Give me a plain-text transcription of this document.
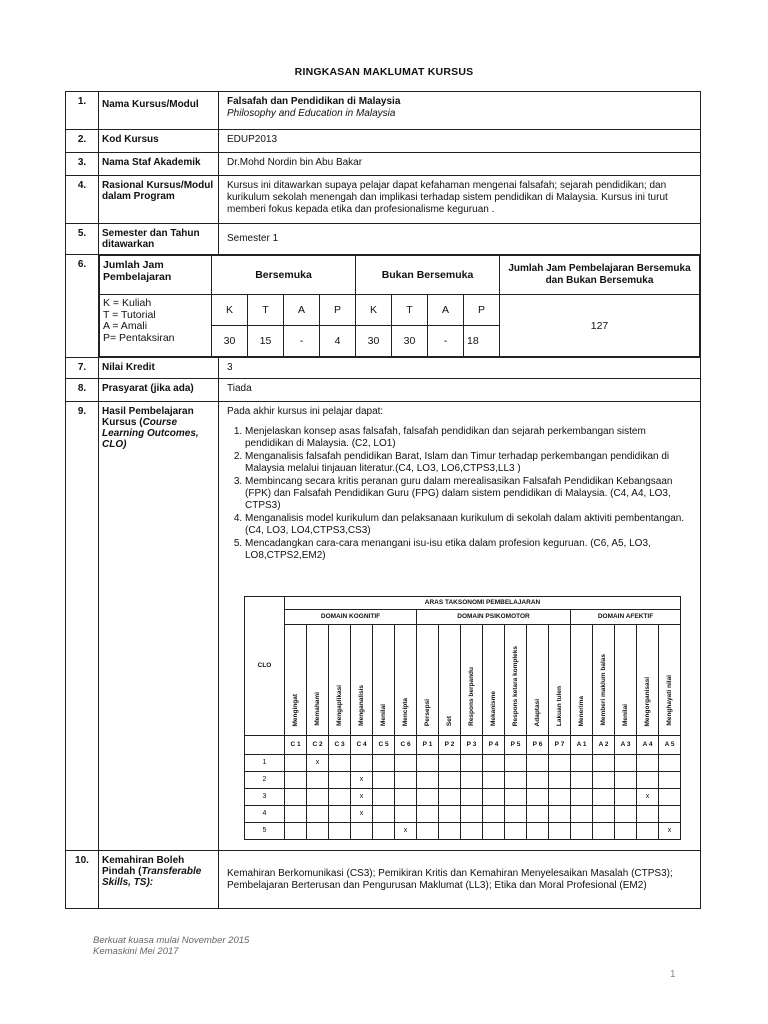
RINGKASAN MAKLUMAT KURSUS
1.	Nama Kursus/Modul	Falsafah dan Pendidikan di Malaysia
Philosophy and Education in Malaysia

2.	Kod Kursus	EDUP2013
3.	Nama Staf Akademik	Dr.Mohd Nordin bin Abu Bakar
4.	Rasional Kursus/Modul dalam Program	Kursus ini ditawarkan supaya pelajar dapat kefahaman mengenai falsafah; sejarah pendidikan; dan kurikulum sekolah menengah dan implikasi terhadap sistem pendidikan di Malaysia. Kursus ini turut memberi fokus kepada etika dan profesionalisme keguruan .
5.	Semester dan Tahun ditawarkan	Semester 1
6.	Jumlah Jam Pembelajaran	Bersemuka	Bukan Bersemuka	Jumlah Jam Pembelajaran Bersemuka dan Bukan Bersemuka

K = Kuliah
T = Tutorial
A = Amali
P= Pentaksiran
	K	T	A	P	K	T	A	P	127
30	15	-	4	30	30	-	18

7.	Nilai Kredit	3
8.	Prasyarat (jika ada)	Tiada
9.	Hasil Pembelajaran Kursus (Course Learning Outcomes, CLO)	
Pada akhir kursus ini pelajar dapat:
1. Menjelaskan konsep asas falsafah, falsafah pendidikan dan sejarah perkembangan sistem pendidikan di Malaysia. (C2, LO1)
2. Menganalisis falsafah pendidikan Barat, Islam dan Timur terhadap perkembangan pendidikan di Malaysia melalui tinjauan literatur.(C4, LO3, LO6,CTPS3,LL3 )
3. Membincang secara kritis peranan guru dalam merealisasikan Falsafah Pendidikan Kebangsaan (FPK) dan Falsafah Pendidikan Guru (FPG) dalam sistem pendidikan di Malaysia. (C4, A4, LO3, CTPS3)
4. Menganalisis model kurikulum dan pelaksanaan kurikulum di sekolah dalam aktiviti pembentangan. (C4, LO3, LO4,CTPS3,CS3)
5. Mencadangkan cara-cara menangani isu-isu etika dalam profesion keguruan. (C6, A5, LO3, LO8,CTPS2,EM2)
CLO	ARAS TAKSONOMI PEMBELAJARAN
DOMAIN KOGNITIF	DOMAIN PSIKOMOTOR	DOMAIN AFEKTIF
Mengingat	Memahami	Mengaplikasi	Menganalisis	Menilai	Mencipta	Persepsi	Set	Respons berpandu	Mekanisme	Respons ketara kompleks	Adaptasi	Lakuan tulen	Menerima	Memberi maklum balas	Menilai	Mengorganisasi	Menghayati nilai
	C 1	C 2	C 3	C 4	C 5	C 6	P 1	P 2	P 3	P 4	P 5	P 6	P 7	A 1	A 2	A 3	A 4	A 5
1		x																
2				x														
3				x													x	
4				x														
5						x												x

10.	Kemahiran Boleh Pindah (Transferable Skills, TS):	Kemahiran Berkomunikasi (CS3); Pemikiran Kritis dan Kemahiran Menyelesaikan Masalah (CTPS3); Pembelajaran Berterusan dan Pengurusan Maklumat (LL3); Etika dan Moral Profesional (EM2)
Berkuat kuasa mulai November 2015
Kemaskini Mei 2017
1
